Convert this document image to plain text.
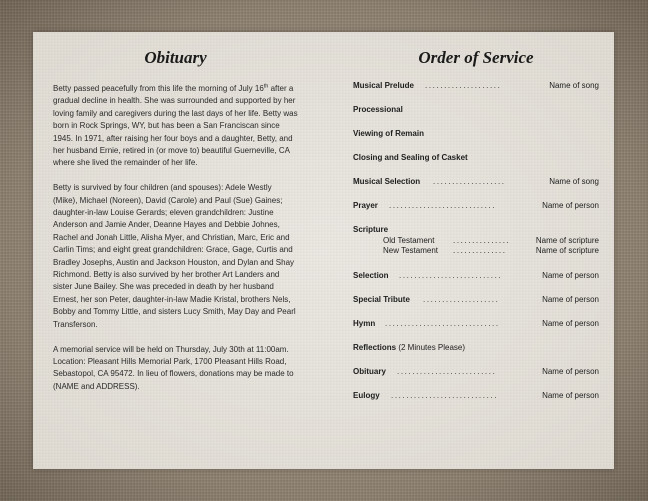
Obituary

Betty passed peacefully from this life the morning of July 16th after a gradual decline in health. She was surrounded and supported by her loving family and caregivers during the last days of her life. Betty was born in Rock Springs, WY, but has been a San Franciscan since 1945. In 1971, after raising her four boys and a daughter, Betty, and her husband Ernie, retired in (or move to) beautiful Guerneville, CA where she lived the remainder of her life.

Betty is survived by four children (and spouses): Adele Westly (Mike), Michael (Noreen), David (Carole) and Paul (Sue) Gaines; daughter-in-law Louise Gerards; eleven grandchildren: Justine Anderson and Jamie Ander, Deanne Hayes and Debbie Johnes, Rachel and Jonah Little, Alisha Myer, and Christian, Marc, Eric and Carlin Tims; and eight great grandchildren: Grace, Gage, Curtis and Bradley Josephs, Austin and Jackson Houston, and Dylan and Shay Richmond. Betty is also survived by her brother Art Landers and sister June Bailey. She was preceded in death by her husband Ernest, her son Peter, daughter-in-law Madie Kristal, brothers Nels, Bobby and Tommy Little, and sisters Lucy Smith, May Day and Pearl Transferson.

A memorial service will be held on Thursday, July 30th at 11:00am. Location: Pleasant Hills Memorial Park, 1700 Pleasant Hills Road, Sebastopol, CA 95472. In lieu of flowers, donations may be made to (NAME and ADDRESS).

Order of Service
Musical Prelude ....................	Name of song
Processional
Viewing of Remain
Closing and Sealing of Casket
Musical Selection ...................	Name of song
Prayer ............................	Name of person
Scripture
Old Testament ...............	Name of scripture
New Testament ..............	Name of scripture
Selection ...........................	Name of person
Special Tribute ....................	Name of person
Hymn ..............................	Name of person
Reflections (2 Minutes Please)
Obituary ..........................	Name of person
Eulogy ............................	Name of person
